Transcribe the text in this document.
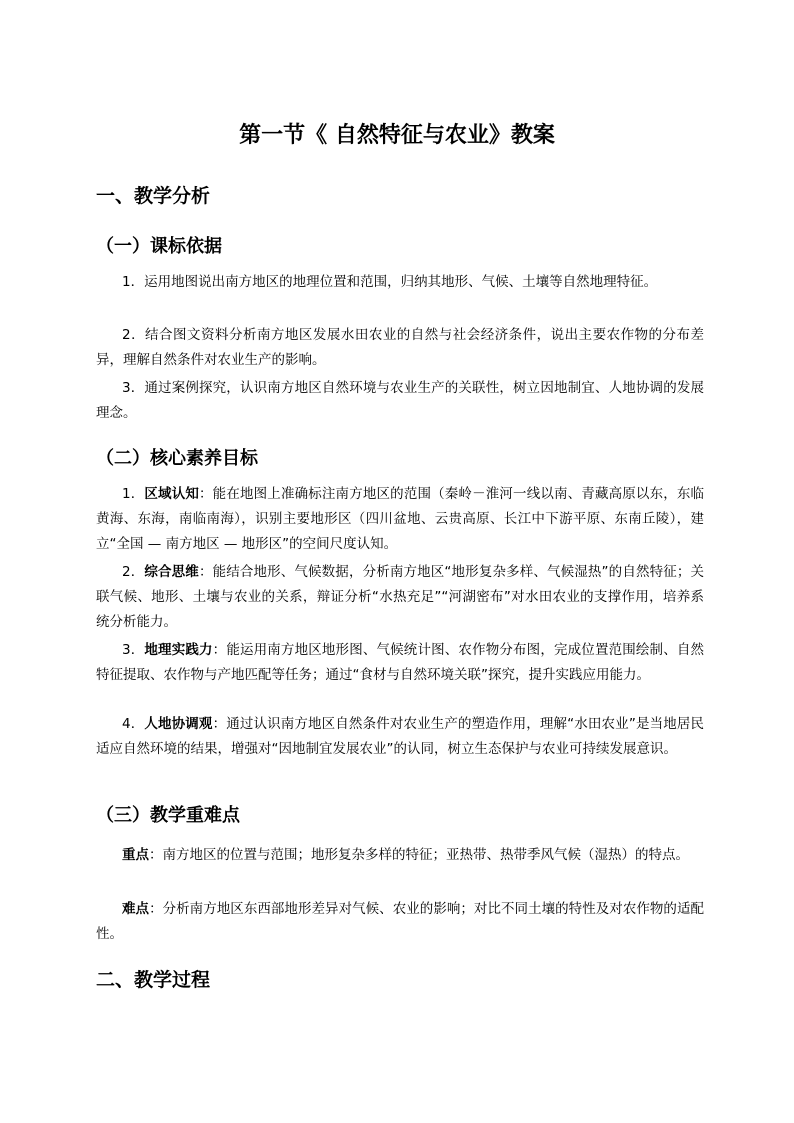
第一节《 自然特征与农业》教案
一、教学分析
（一）课标依据
1．运用地图说出南方地区的地理位置和范围，归纳其地形、气候、土壤等自然地理特征。
2．结合图文资料分析南方地区发展水田农业的自然与社会经济条件，说出主要农作物的分布差异，理解自然条件对农业生产的影响。
3．通过案例探究，认识南方地区自然环境与农业生产的关联性，树立因地制宜、人地协调的发展理念。
（二）核心素养目标
1．区域认知：能在地图上准确标注南方地区的范围（秦岭－淮河一线以南、青藏高原以东，东临黄海、东海，南临南海），识别主要地形区（四川盆地、云贵高原、长江中下游平原、东南丘陵），建立“全国 — 南方地区 — 地形区”的空间尺度认知。
2．综合思维：能结合地形、气候数据，分析南方地区“地形复杂多样、气候湿热”的自然特征；关联气候、地形、土壤与农业的关系，辩证分析“水热充足”“河湖密布”对水田农业的支撑作用，培养系统分析能力。
3．地理实践力：能运用南方地区地形图、气候统计图、农作物分布图，完成位置范围绘制、自然特征提取、农作物与产地匹配等任务；通过“食材与自然环境关联”探究，提升实践应用能力。
4．人地协调观：通过认识南方地区自然条件对农业生产的塑造作用，理解“水田农业”是当地居民适应自然环境的结果，增强对“因地制宜发展农业”的认同，树立生态保护与农业可持续发展意识。
（三）教学重难点
重点：南方地区的位置与范围；地形复杂多样的特征；亚热带、热带季风气候（湿热）的特点。
难点：分析南方地区东西部地形差异对气候、农业的影响；对比不同土壤的特性及对农作物的适配性。
二、教学过程
